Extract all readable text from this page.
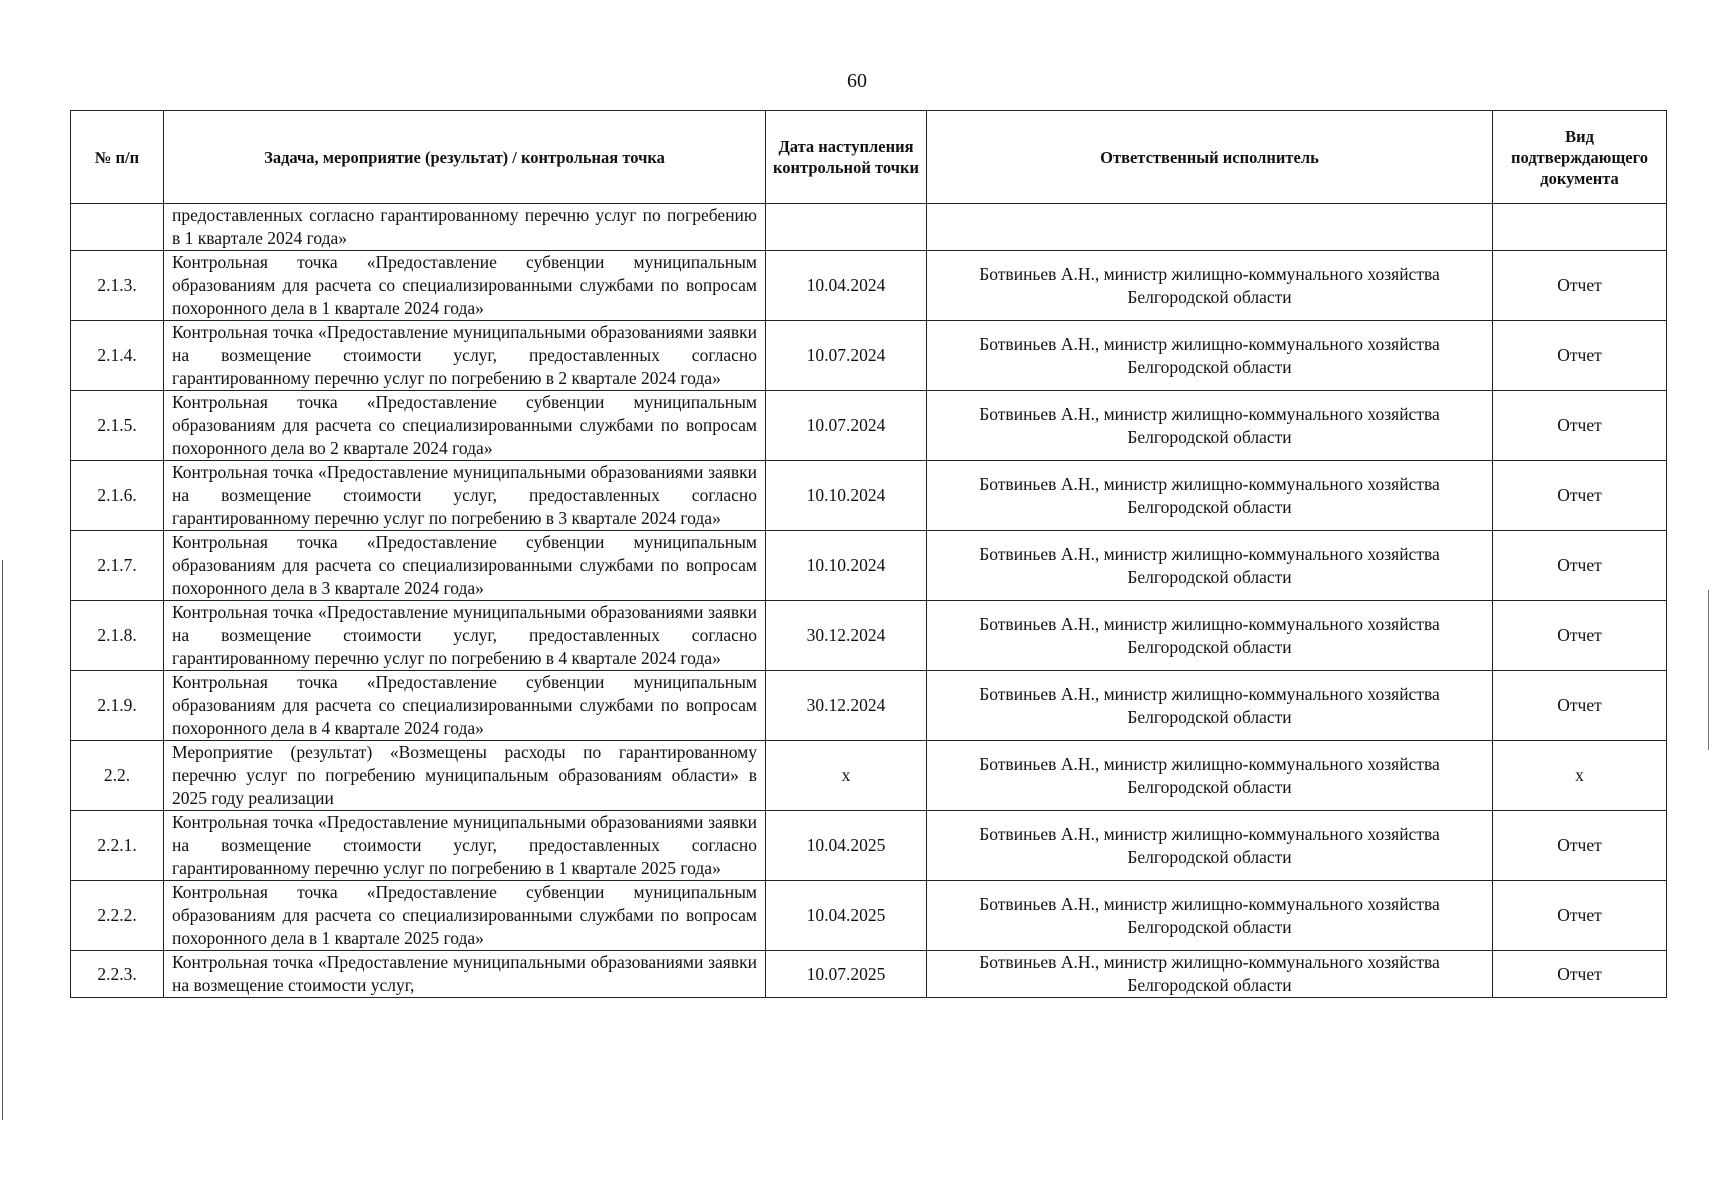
60
№ п/п	Задача, мероприятие (результат) / контрольная точка	Дата наступления контрольной точки	Ответственный исполнитель	Вид подтверждающего документа
	предоставленных согласно гарантированному перечню услуг по погребению в 1 квартале 2024 года»			
2.1.3.	Контрольная точка «Предоставление субвенции муниципальным образованиям для расчета со специализированными службами по вопросам похоронного дела в 1 квартале 2024 года»	10.04.2024	Ботвиньев А.Н., министр жилищно-коммунального хозяйства Белгородской области	Отчет
2.1.4.	Контрольная точка «Предоставление муниципальными образованиями заявки на возмещение стоимости услуг, предоставленных согласно гарантированному перечню услуг по погребению в 2 квартале 2024 года»	10.07.2024	Ботвиньев А.Н., министр жилищно-коммунального хозяйства Белгородской области	Отчет
2.1.5.	Контрольная точка «Предоставление субвенции муниципальным образованиям для расчета со специализированными службами по вопросам похоронного дела во 2 квартале 2024 года»	10.07.2024	Ботвиньев А.Н., министр жилищно-коммунального хозяйства Белгородской области	Отчет
2.1.6.	Контрольная точка «Предоставление муниципальными образованиями заявки на возмещение стоимости услуг, предоставленных согласно гарантированному перечню услуг по погребению в 3 квартале 2024 года»	10.10.2024	Ботвиньев А.Н., министр жилищно-коммунального хозяйства Белгородской области	Отчет
2.1.7.	Контрольная точка «Предоставление субвенции муниципальным образованиям для расчета со специализированными службами по вопросам похоронного дела в 3 квартале 2024 года»	10.10.2024	Ботвиньев А.Н., министр жилищно-коммунального хозяйства Белгородской области	Отчет
2.1.8.	Контрольная точка «Предоставление муниципальными образованиями заявки на возмещение стоимости услуг, предоставленных согласно гарантированному перечню услуг по погребению в 4 квартале 2024 года»	30.12.2024	Ботвиньев А.Н., министр жилищно-коммунального хозяйства Белгородской области	Отчет
2.1.9.	Контрольная точка «Предоставление субвенции муниципальным образованиям для расчета со специализированными службами по вопросам похоронного дела в 4 квартале 2024 года»	30.12.2024	Ботвиньев А.Н., министр жилищно-коммунального хозяйства Белгородской области	Отчет
2.2.	Мероприятие (результат) «Возмещены расходы по гарантированному перечню услуг по погребению муниципальным образованиям области» в 2025 году реализации	х	Ботвиньев А.Н., министр жилищно-коммунального хозяйства Белгородской области	х
2.2.1.	Контрольная точка «Предоставление муниципальными образованиями заявки на возмещение стоимости услуг, предоставленных согласно гарантированному перечню услуг по погребению в 1 квартале 2025 года»	10.04.2025	Ботвиньев А.Н., министр жилищно-коммунального хозяйства Белгородской области	Отчет
2.2.2.	Контрольная точка «Предоставление субвенции муниципальным образованиям для расчета со специализированными службами по вопросам похоронного дела в 1 квартале 2025 года»	10.04.2025	Ботвиньев А.Н., министр жилищно-коммунального хозяйства Белгородской области	Отчет
2.2.3.	Контрольная точка «Предоставление муниципальными образованиями заявки на возмещение стоимости услуг,	10.07.2025	Ботвиньев А.Н., министр жилищно-коммунального хозяйства Белгородской области	Отчет
